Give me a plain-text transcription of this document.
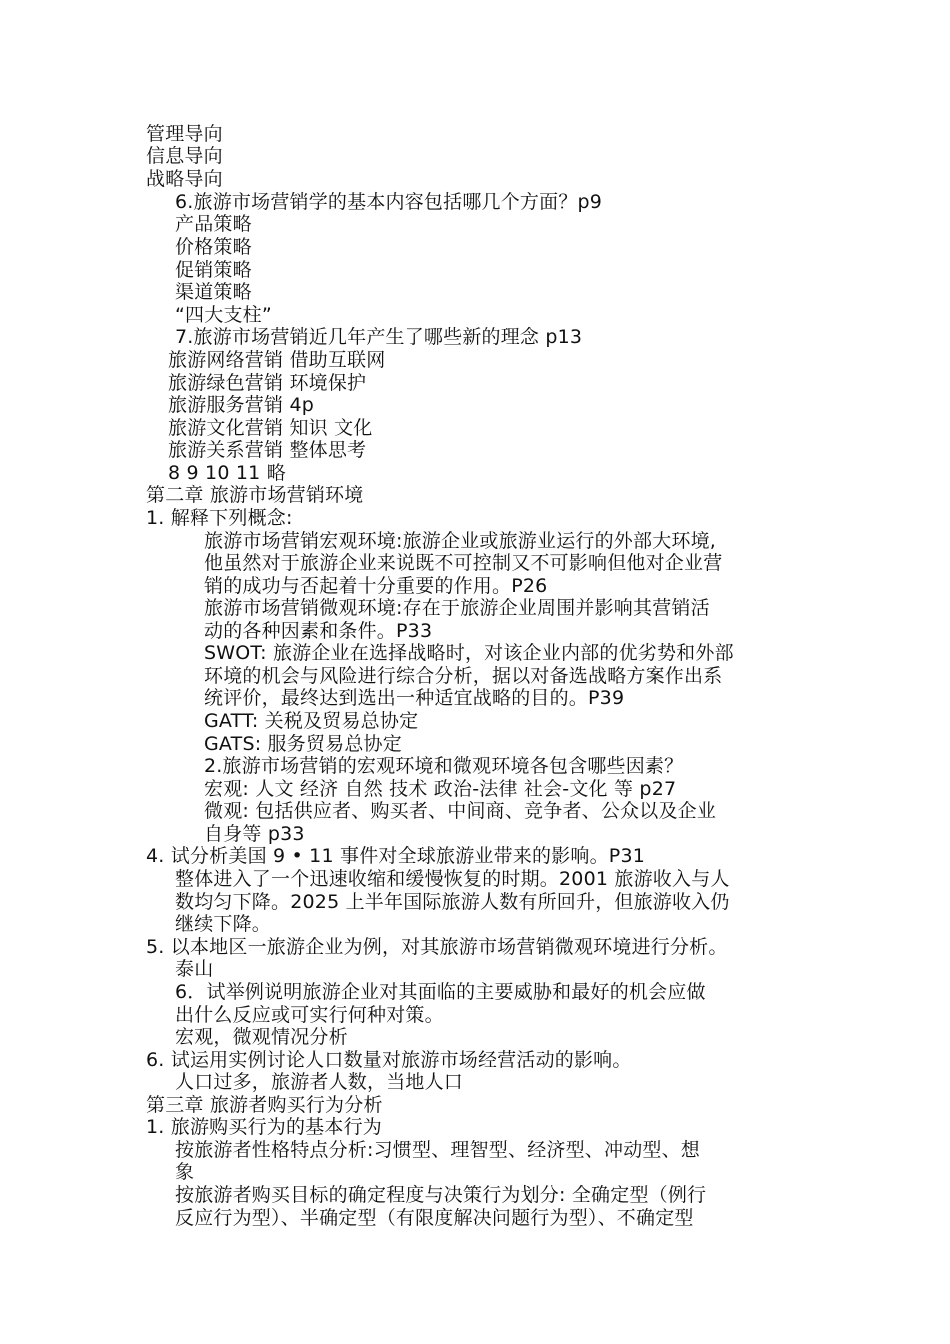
管理导向
信息导向
战略导向
6.旅游市场营销学的基本内容包括哪几个方面？p9
产品策略
价格策略
促销策略
渠道策略
“四大支柱”
7.旅游市场营销近几年产生了哪些新的理念 p13
旅游网络营销 借助互联网
旅游绿色营销 环境保护
旅游服务营销 4p
旅游文化营销 知识 文化
旅游关系营销 整体思考
8 9 10 11 略
第二章 旅游市场营销环境
1. 解释下列概念:
旅游市场营销宏观环境:旅游企业或旅游业运行的外部大环境,
他虽然对于旅游企业来说既不可控制又不可影响但他对企业营
销的成功与否起着十分重要的作用。P26
旅游市场营销微观环境:存在于旅游企业周围并影响其营销活
动的各种因素和条件。P33
SWOT: 旅游企业在选择战略时，对该企业内部的优劣势和外部
环境的机会与风险进行综合分析，据以对备选战略方案作出系
统评价，最终达到选出一种适宜战略的目的。P39
GATT: 关税及贸易总协定
GATS: 服务贸易总协定
2.旅游市场营销的宏观环境和微观环境各包含哪些因素？
宏观: 人文 经济 自然 技术 政治-法律 社会-文化 等 p27
微观: 包括供应者、购买者、中间商、竞争者、公众以及企业
自身等 p33
4. 试分析美国 9 • 11 事件对全球旅游业带来的影响。P31
整体进入了一个迅速收缩和缓慢恢复的时期。2001 旅游收入与人
数均匀下降。2025 上半年国际旅游人数有所回升，但旅游收入仍
继续下降。
5. 以本地区一旅游企业为例，对其旅游市场营销微观环境进行分析。
泰山
6．试举例说明旅游企业对其面临的主要威胁和最好的机会应做
出什么反应或可实行何种对策。
宏观，微观情况分析
6. 试运用实例讨论人口数量对旅游市场经营活动的影响。
人口过多，旅游者人数，当地人口
第三章 旅游者购买行为分析
1. 旅游购买行为的基本行为
按旅游者性格特点分析:习惯型、理智型、经济型、冲动型、想
象
按旅游者购买目标的确定程度与决策行为划分: 全确定型（例行
反应行为型）、半确定型（有限度解决问题行为型）、不确定型
